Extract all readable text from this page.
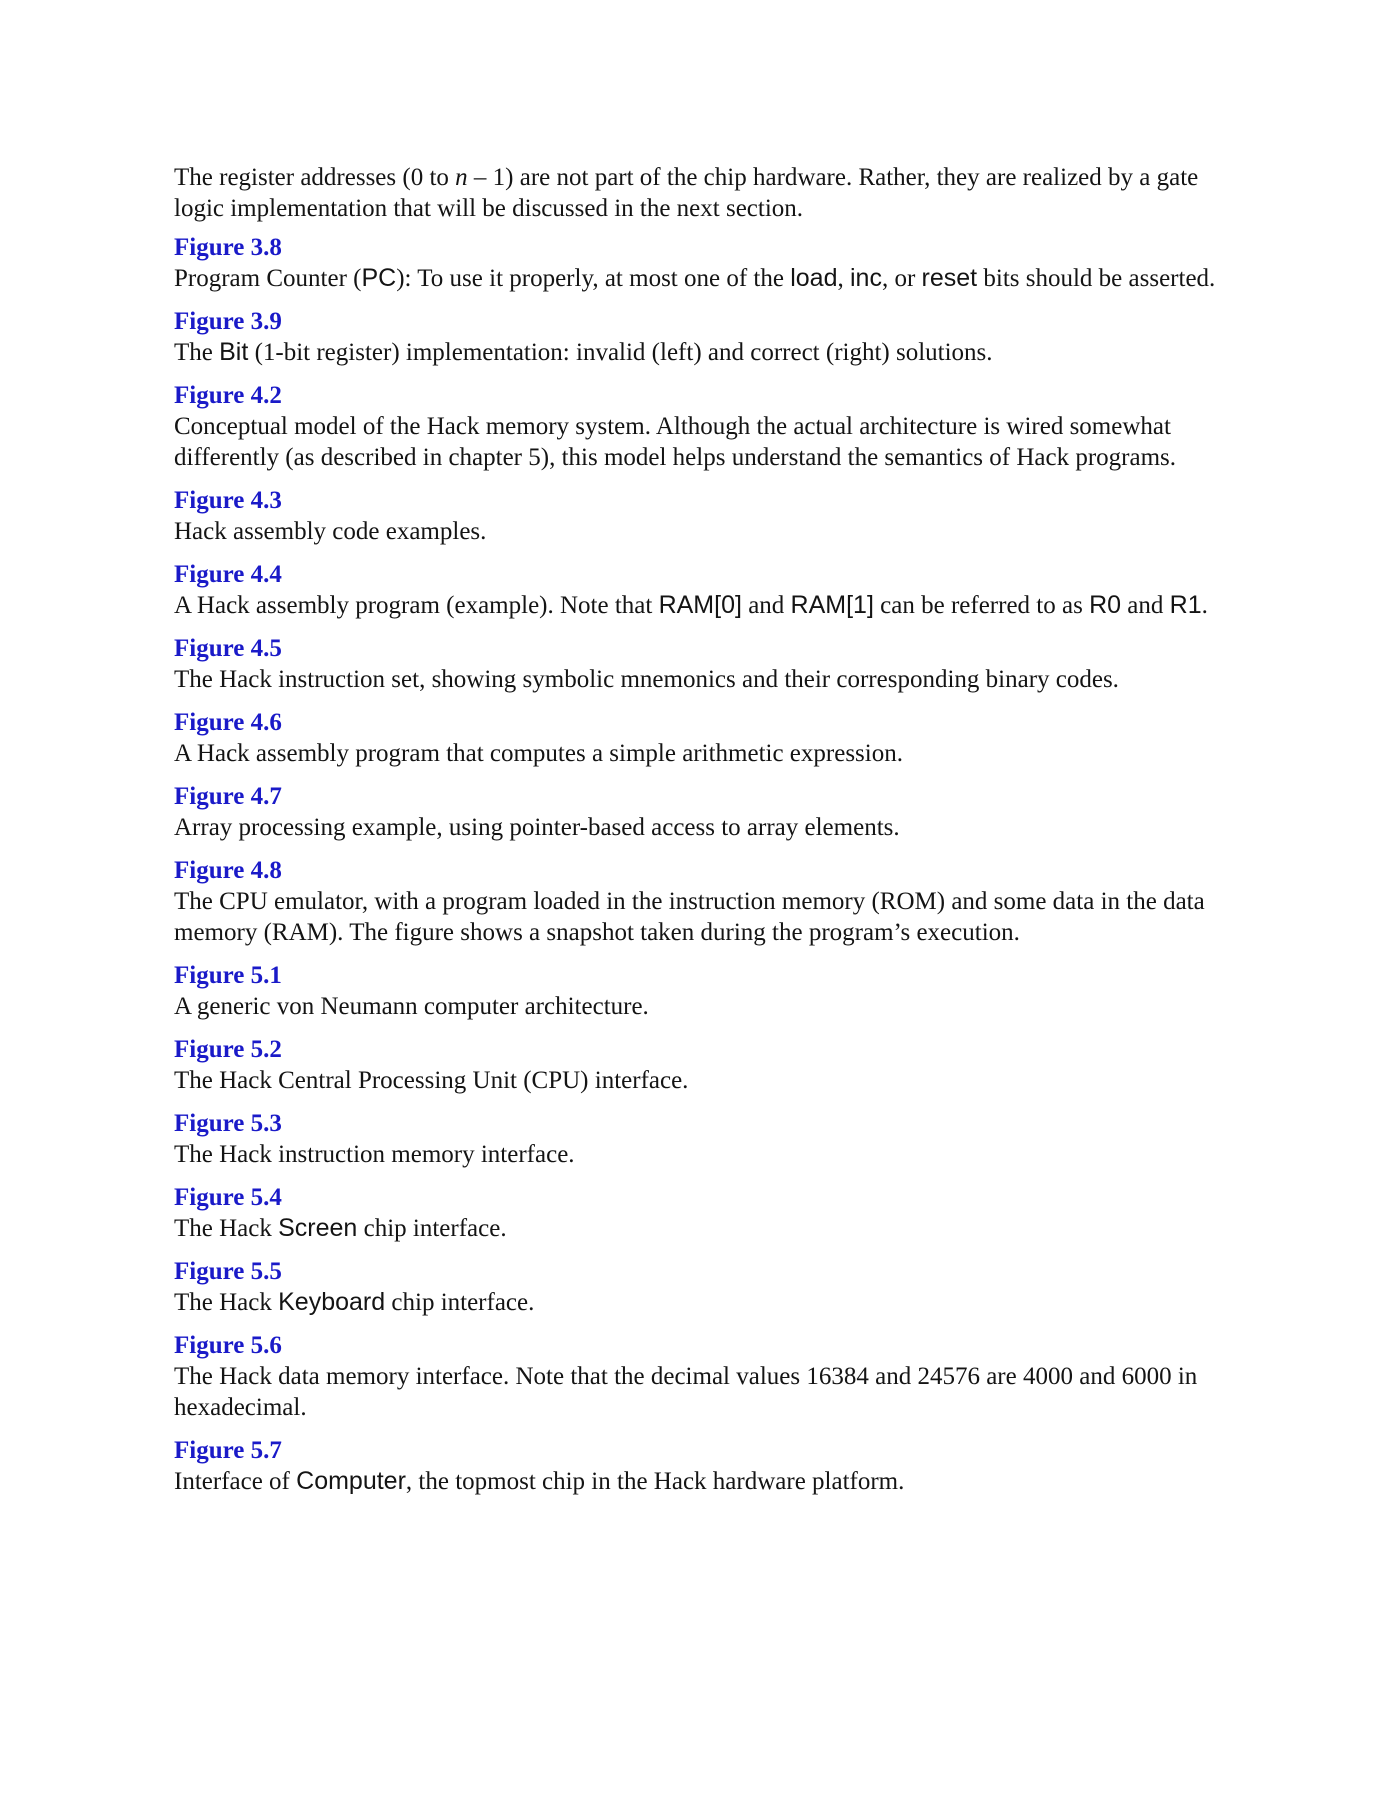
The register addresses (0 to n – 1) are not part of the chip hardware. Rather, they are realized by a gate logic implementation that will be discussed in the next section.

Figure 3.8

Program Counter (PC): To use it properly, at most one of the load, inc, or reset bits should be asserted.

Figure 3.9

The Bit (1-bit register) implementation: invalid (left) and correct (right) solutions.

Figure 4.2

Conceptual model of the Hack memory system. Although the actual architecture is wired somewhat differently (as described in chapter 5), this model helps understand the semantics of Hack programs.

Figure 4.3

Hack assembly code examples.

Figure 4.4

A Hack assembly program (example). Note that RAM[0] and RAM[1] can be referred to as R0 and R1.

Figure 4.5

The Hack instruction set, showing symbolic mnemonics and their corresponding binary codes.

Figure 4.6

A Hack assembly program that computes a simple arithmetic expression.

Figure 4.7

Array processing example, using pointer-based access to array elements.

Figure 4.8

The CPU emulator, with a program loaded in the instruction memory (ROM) and some data in the data memory (RAM). The figure shows a snapshot taken during the program’s execution.

Figure 5.1

A generic von Neumann computer architecture.

Figure 5.2

The Hack Central Processing Unit (CPU) interface.

Figure 5.3

The Hack instruction memory interface.

Figure 5.4

The Hack Screen chip interface.

Figure 5.5

The Hack Keyboard chip interface.

Figure 5.6

The Hack data memory interface. Note that the decimal values 16384 and 24576 are 4000 and 6000 in hexadecimal.

Figure 5.7

Interface of Computer, the topmost chip in the Hack hardware platform.
